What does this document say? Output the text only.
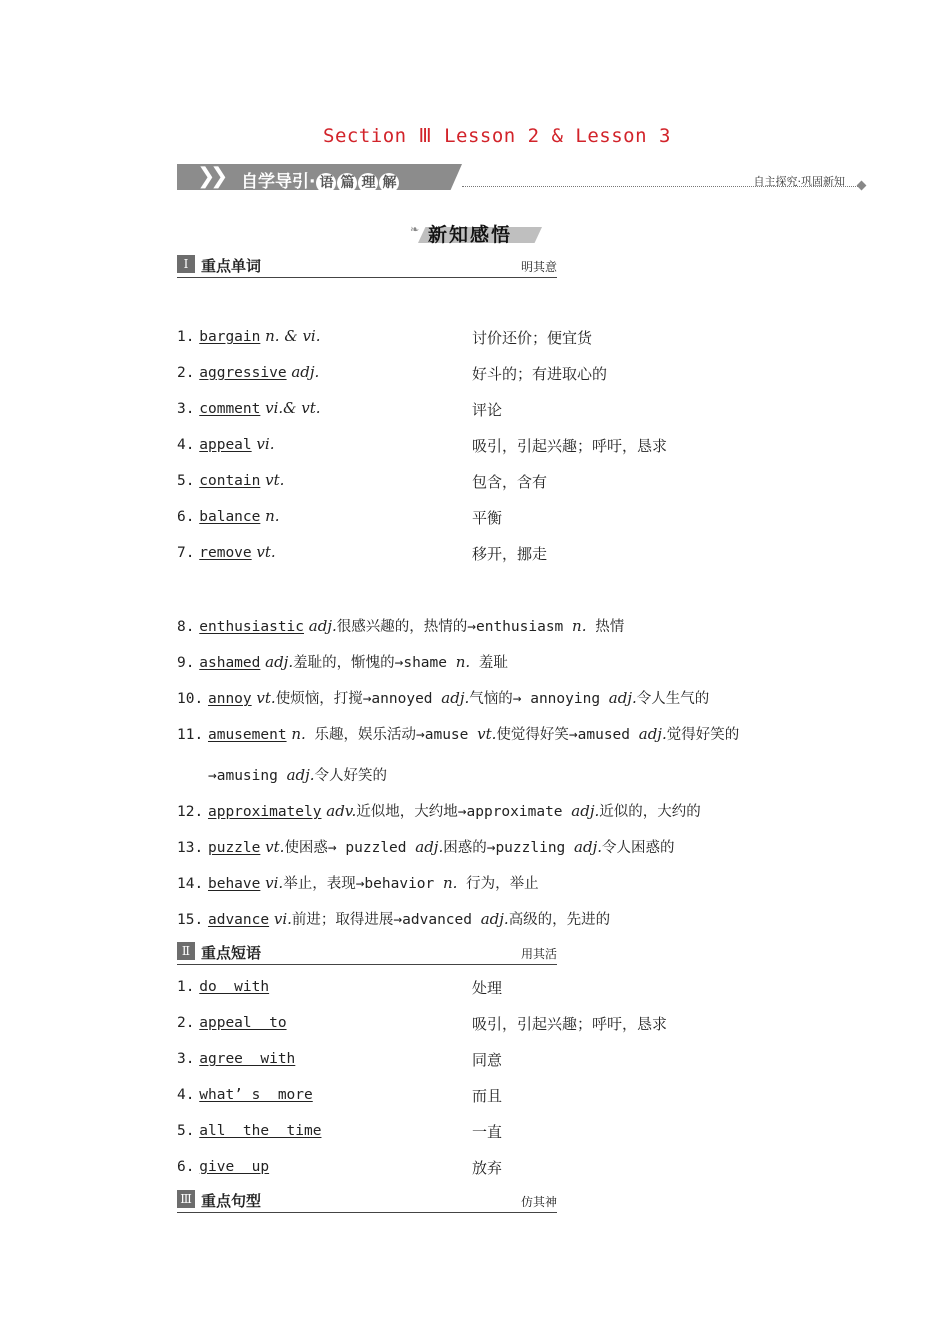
Section Ⅲ Lesson 2 & Lesson 3
❯
❯ 自学导引· 语 篇 理 解	自主探究·巩固新知
❧ 新知感悟
Ⅰ 重点单词	明其意
1. bargain n. & vi.	讨价还价；便宜货
2. aggressive adj.	好斗的；有进取心的
3. comment vi.& vt.	评论
4. appeal vi.	吸引，引起兴趣；呼吁，恳求
5. contain vt.	包含，含有
6. balance n.	平衡
7. remove vt.	移开，挪走
8. enthusiastic adj.很感兴趣的，热情的→enthusiasm n. 热情
9. ashamed adj.羞耻的，惭愧的→shame n. 羞耻
10. annoy vt.使烦恼，打搅→annoyed adj.气恼的→ annoying adj.令人生气的
11. amusement n. 乐趣，娱乐活动→amuse vt.使觉得好笑→amused adj.觉得好笑的
→amusing adj.令人好笑的
12. approximately adv.近似地，大约地→approximate adj.近似的，大约的
13. puzzle vt.使困惑→ puzzled adj.困惑的→puzzling adj.令人困惑的
14. behave vi.举止，表现→behavior n. 行为，举止
15. advance vi.前进；取得进展→advanced adj.高级的，先进的
Ⅱ 重点短语	用其活
1. do  with	处理
2. appeal  to	吸引，引起兴趣；呼吁，恳求
3. agree  with	同意
4. what’ s  more	而且
5. all  the  time	一直
6. give  up	放弃
Ⅲ 重点句型	仿其神
